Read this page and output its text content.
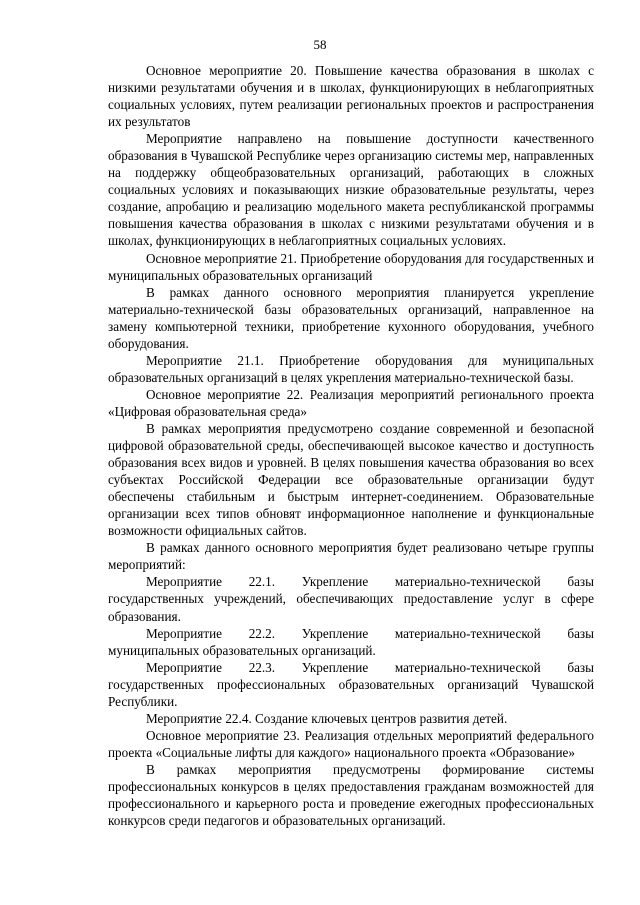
58

Основное мероприятие 20. Повышение качества образования в школах с низкими результатами обучения и в школах, функционирующих в неблагоприятных социальных условиях, путем реализации региональных проектов и распространения их результатов

Мероприятие направлено на повышение доступности качественного образования в Чувашской Республике через организацию системы мер, направленных на поддержку общеобразовательных организаций, работающих в сложных социальных условиях и показывающих низкие образовательные результаты, через создание, апробацию и реализацию модельного макета республиканской программы повышения качества образования в школах с низкими результатами обучения и в школах, функционирующих в неблагоприятных социальных условиях.

Основное мероприятие 21. Приобретение оборудования для государственных и муниципальных образовательных организаций

В рамках данного основного мероприятия планируется укрепление материально-технической базы образовательных организаций, направленное на замену компьютерной техники, приобретение кухонного оборудования, учебного оборудования.

Мероприятие 21.1. Приобретение оборудования для муниципальных образовательных организаций в целях укрепления материально-технической базы.

Основное мероприятие 22. Реализация мероприятий регионального проекта «Цифровая образовательная среда»

В рамках мероприятия предусмотрено создание современной и безопасной цифровой образовательной среды, обеспечивающей высокое качество и доступность образования всех видов и уровней. В целях повышения качества образования во всех субъектах Российской Федерации все образовательные организации будут обеспечены стабильным и быстрым интернет-соединением. Образовательные организации всех типов обновят информационное наполнение и функциональные возможности официальных сайтов.

В рамках данного основного мероприятия будет реализовано четыре группы мероприятий:

Мероприятие 22.1. Укрепление материально-технической базы государственных учреждений, обеспечивающих предоставление услуг в сфере образования.

Мероприятие 22.2. Укрепление материально-технической базы муниципальных образовательных организаций.

Мероприятие 22.3. Укрепление материально-технической базы государственных профессиональных образовательных организаций Чувашской Республики.

Мероприятие 22.4. Создание ключевых центров развития детей.

Основное мероприятие 23. Реализация отдельных мероприятий федерального проекта «Социальные лифты для каждого» национального проекта «Образование»

В рамках мероприятия предусмотрены формирование системы профессиональных конкурсов в целях предоставления гражданам возможностей для профессионального и карьерного роста и проведение ежегодных профессиональных конкурсов среди педагогов и образовательных организаций.
